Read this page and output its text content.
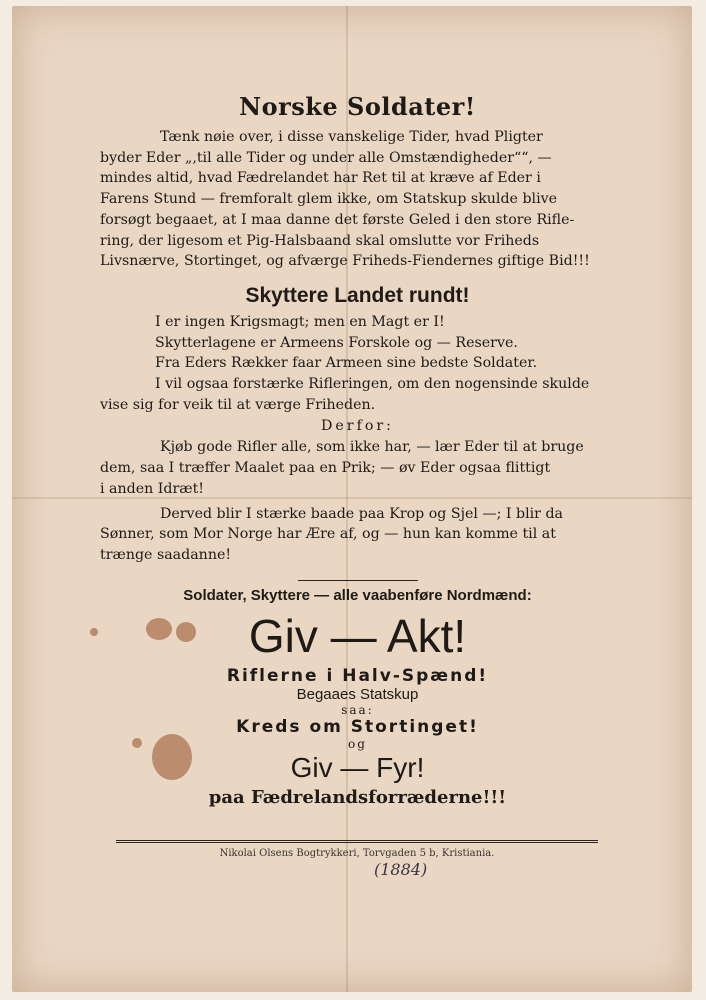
Norske Soldater!

Tænk nøie over, i disse vanskelige Tider, hvad Pligter

byder Eder „,til alle Tider og under alle Omstændigheder““, —

mindes altid, hvad Fædrelandet har Ret til at kræve af Eder i

Farens Stund — fremforalt glem ikke, om Statskup skulde blive

forsøgt begaaet, at I maa danne det første Geled i den store Rifle-

ring, der ligesom et Pig-Halsbaand skal omslutte vor Friheds

Livsnærve, Stortinget, og afværge Friheds-Fiendernes giftige Bid!!!

Skyttere Landet rundt!

I er ingen Krigsmagt; men en Magt er I!

Skytterlagene er Armeens Forskole og — Reserve.

Fra Eders Rækker faar Armeen sine bedste Soldater.

I vil ogsaa forstærke Rifleringen, om den nogensinde skulde

vise sig for veik til at værge Friheden.

Derfor:

Kjøb gode Rifler alle, som ikke har, — lær Eder til at bruge

dem, saa I træffer Maalet paa en Prik; — øv Eder ogsaa flittigt

i anden Idræt!

Derved blir I stærke baade paa Krop og Sjel —; I blir da

Sønner, som Mor Norge har Ære af, og — hun kan komme til at

trænge saadanne!

Soldater, Skyttere — alle vaabenføre Nordmænd:

Giv — Akt!

Riflerne i Halv-Spænd!

Begaaes Statskup

saa:

Kreds om Stortinget!

og

Giv — Fyr!

paa Fædrelandsforræderne!!!

Nikolai Olsens Bogtrykkeri, Torvgaden 5 b, Kristiania.
(1884)
